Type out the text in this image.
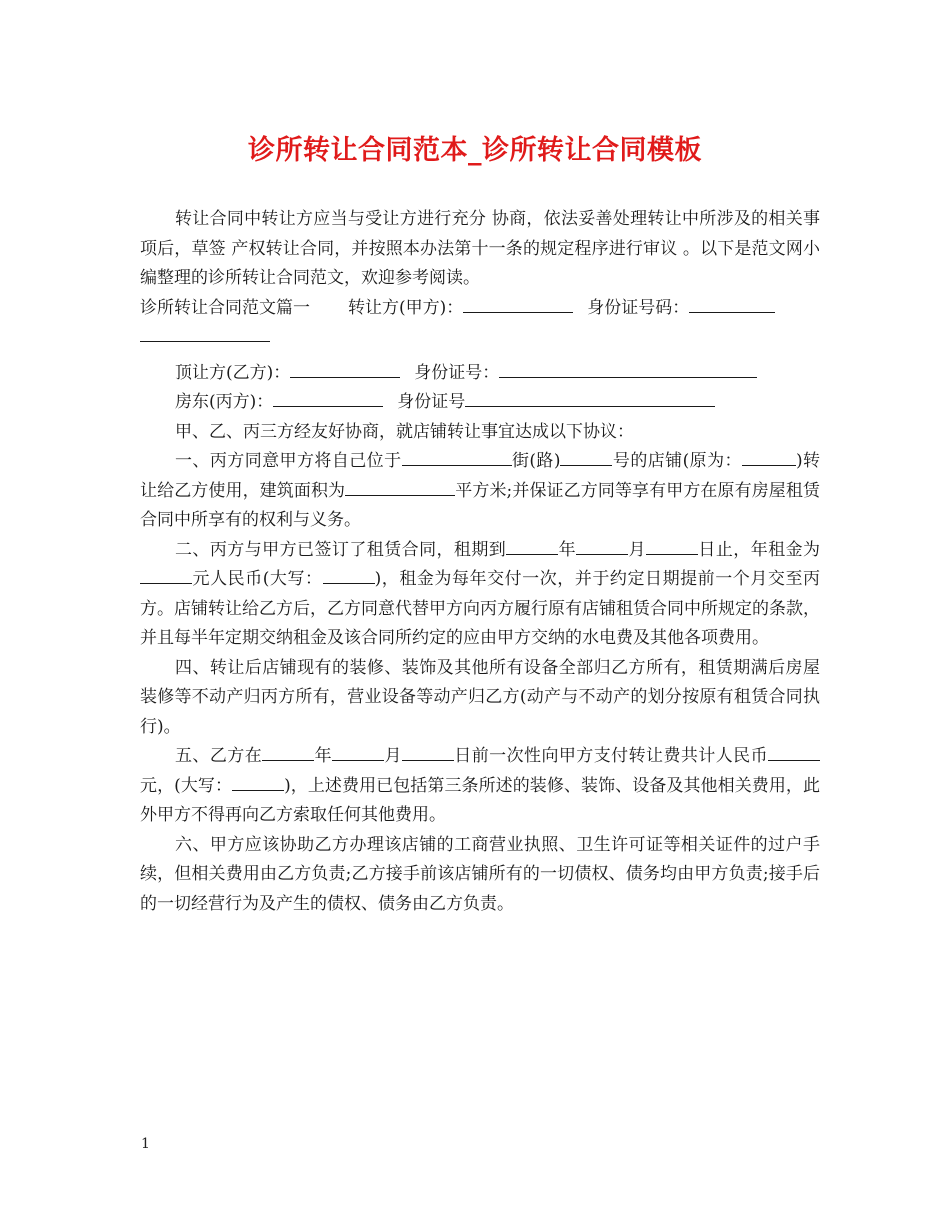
诊所转让合同范本_诊所转让合同模板

转让合同中转让方应当与受让方进行充分 协商，依法妥善处理转让中所涉及的相关事项后，草签 产权转让合同，并按照本办法第十一条的规定程序进行审议 。以下是范文网小编整理的诊所转让合同范文，欢迎参考阅读。

诊所转让合同范文篇一 转让方(甲方)：	身份证号码：

顶让方(乙方)：	身份证号：

房东(丙方)：	身份证号

甲、乙、丙三方经友好协商，就店铺转让事宜达成以下协议：

一、丙方同意甲方将自己位于	街(路)	号的店铺(原为：	)转让给乙方使用，建筑面积为	平方米;并保证乙方同等享有甲方在原有房屋租赁合同中所享有的权利与义务。

二、丙方与甲方已签订了租赁合同，租期到	年	月	日止，年租金为元人民币(大写：	)，租金为每年交付一次，并于约定日期提前一个月交至丙方。店铺转让给乙方后，乙方同意代替甲方向丙方履行原有店铺租赁合同中所规定的条款，并且每半年定期交纳租金及该合同所约定的应由甲方交纳的水电费及其他各项费用。

四、转让后店铺现有的装修、装饰及其他所有设备全部归乙方所有，租赁期满后房屋装修等不动产归丙方所有，营业设备等动产归乙方(动产与不动产的划分按原有租赁合同执行)。

五、乙方在	年	月	日前一次性向甲方支付转让费共计人民币元，(大写：	)，上述费用已包括第三条所述的装修、装饰、设备及其他相关费用，此外甲方不得再向乙方索取任何其他费用。

六、甲方应该协助乙方办理该店铺的工商营业执照、卫生许可证等相关证件的过户手续，但相关费用由乙方负责;乙方接手前该店铺所有的一切债权、债务均由甲方负责;接手后的一切经营行为及产生的债权、债务由乙方负责。

1
